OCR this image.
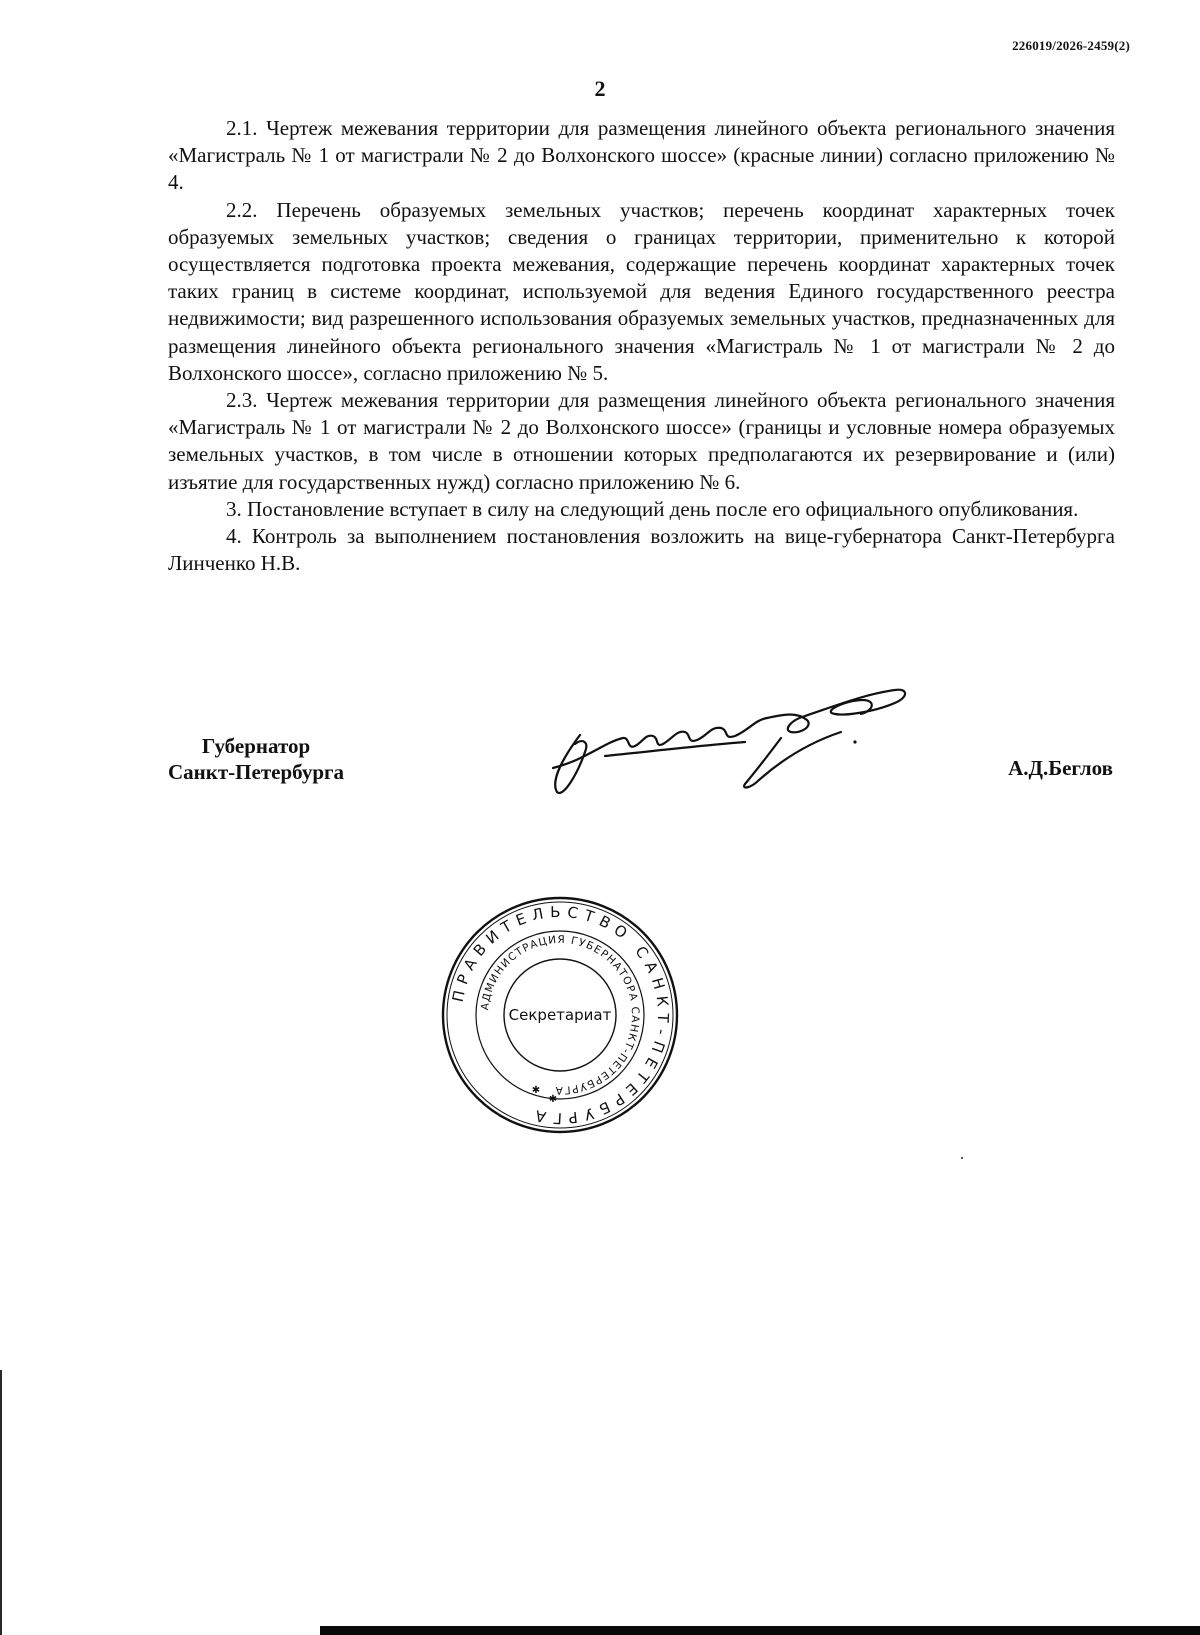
226019/2026-2459(2)
2

2.1. Чертеж межевания территории для размещения линейного объекта регионального значения «Магистраль № 1 от магистрали № 2 до Волхонского шоссе» (красные линии) согласно приложению № 4.

2.2. Перечень образуемых земельных участков; перечень координат характерных точек образуемых земельных участков; сведения о границах территории, применительно к которой осуществляется подготовка проекта межевания, содержащие перечень координат характерных точек таких границ в системе координат, используемой для ведения Единого государственного реестра недвижимости; вид разрешенного использования образуемых земельных участков, предназначенных для размещения линейного объекта регионального значения «Магистраль № 1 от магистрали № 2 до Волхонского шоссе», согласно приложению № 5.

2.3. Чертеж межевания территории для размещения линейного объекта регионального значения «Магистраль № 1 от магистрали № 2 до Волхонского шоссе» (границы и условные номера образуемых земельных участков, в том числе в отношении которых предполагаются их резервирование и (или) изъятие для государственных нужд) согласно приложению № 6.

3. Постановление вступает в силу на следующий день после его официального опубликования.

4. Контроль за выполнением постановления возложить на вице-губернатора Санкт-Петербурга Линченко Н.В.

Губернатор
Санкт-Петербурга	А.Д.Беглов
ПРАВИТЕЛЬСТВО САНКТ-ПЕТЕРБУРГА
АДМИНИСТРАЦИЯ ГУБЕРНАТОРА САНКТ-ПЕТЕРБУРГА
Секретариат
✱
✱
